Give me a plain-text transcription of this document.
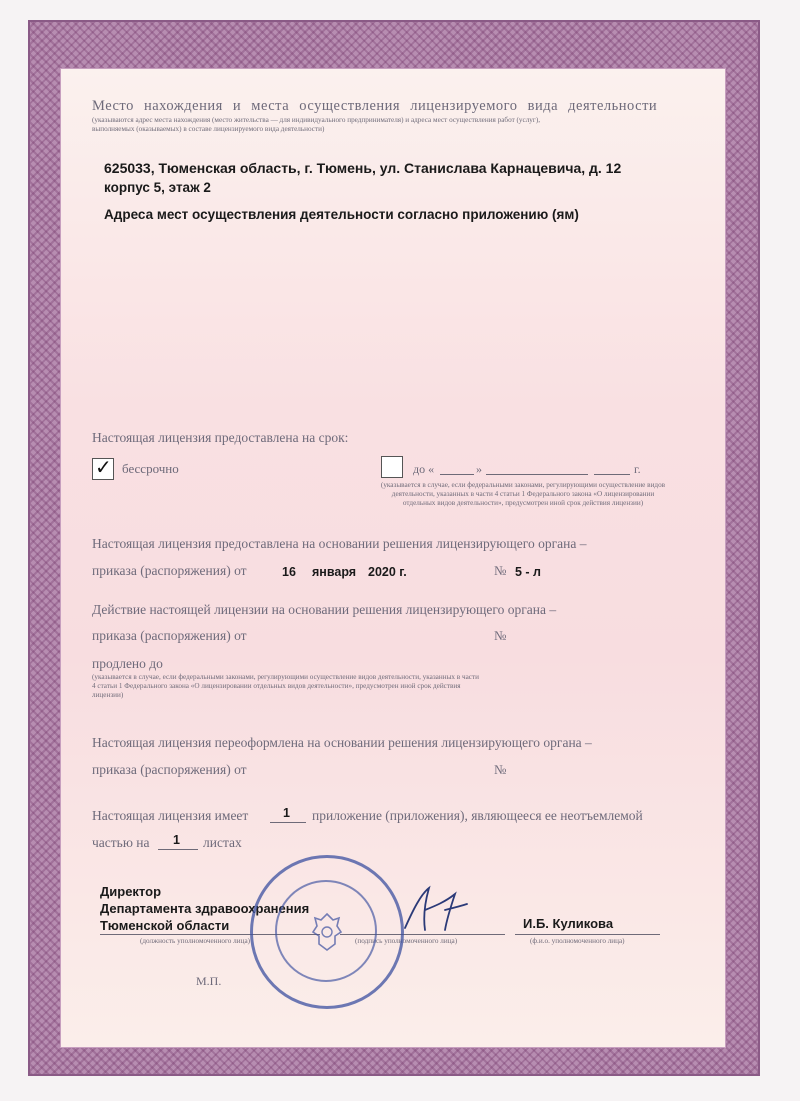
Место нахождения и места осуществления лицензируемого вида деятельности
(указываются адрес места нахождения (место жительства — для индивидуального предпринимателя) и адреса мест осуществления работ (услуг),
выполняемых (оказываемых) в составе лицензируемого вида деятельности)
625033, Тюменская область, г. Тюмень, ул. Станислава Карнацевича, д. 12
корпус 5, этаж 2
Адреса мест осуществления деятельности согласно приложению (ям)
Настоящая лицензия предоставлена на срок:
✓ бессрочно	до «	»	г.
(указывается в случае, если федеральными законами, регулирующими осуществление видов деятельности, указанных в части 4 статьи 1 Федерального закона «О лицензировании отдельных видов деятельности», предусмотрен иной срок действия лицензии)
Настоящая лицензия предоставлена на основании решения лицензирующего органа –
приказа (распоряжения) от	16 января 2020 г.	№ 5 - л
Действие настоящей лицензии на основании решения лицензирующего органа –
приказа (распоряжения) от	№
продлено до
(указывается в случае, если федеральными законами, регулирующими осуществление видов деятельности, указанных в части 4 статьи 1 Федерального закона «О лицензировании отдельных видов деятельности», предусмотрен иной срок действия лицензии)
Настоящая лицензия переоформлена на основании решения лицензирующего органа –
приказа (распоряжения) от	№
Настоящая лицензия имеет	1 приложение (приложения), являющееся ее неотъемлемой
частью на 1 листах
Директор
Департамента здравоохранения
Тюменской области
(должность уполномоченного лица)	(подпись уполномоченного лица)
И.Б. Куликова
(ф.и.о. уполномоченного лица)
М.П.
